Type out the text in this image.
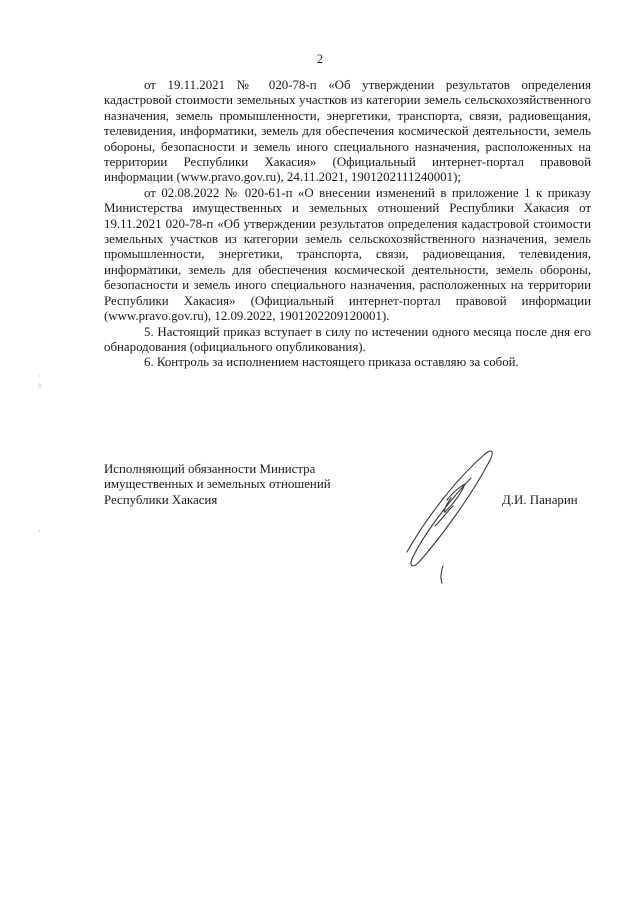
2
·
^
·

от 19.11.2021 № 020-78-п «Об утверждении результатов определения кадастровой стоимости земельных участков из категории земель сельскохозяйственного назначения, земель промышленности, энергетики, транспорта, связи, радиовещания, телевидения, информатики, земель для обеспечения космической деятельности, земель обороны, безопасности и земель иного специального назначения, расположенных на территории Республики Хакасия» (Официальный интернет-портал правовой информации (www.pravo.gov.ru), 24.11.2021, 1901202111240001);

от 02.08.2022 № 020-61-п «О внесении изменений в приложение 1 к приказу Министерства имущественных и земельных отношений Республики Хакасия от 19.11.2021 020-78-п «Об утверждении результатов определения кадастровой стоимости земельных участков из категории земель сельскохозяйственного назначения, земель промышленности, энергетики, транспорта, связи, радиовещания, телевидения, информатики, земель для обеспечения космической деятельности, земель обороны, безопасности и земель иного специального назначения, расположенных на территории Республики Хакасия» (Официальный интернет-портал правовой информации (www.pravo.gov.ru), 12.09.2022, 1901202209120001).

5. Настоящий приказ вступает в силу по истечении одного месяца после дня его обнародования (официального опубликования).

6. Контроль за исполнением настоящего приказа оставляю за собой.

Исполняющий обязанности Министра
имущественных и земельных отношений
Республики Хакасия	Д.И. Панарин
